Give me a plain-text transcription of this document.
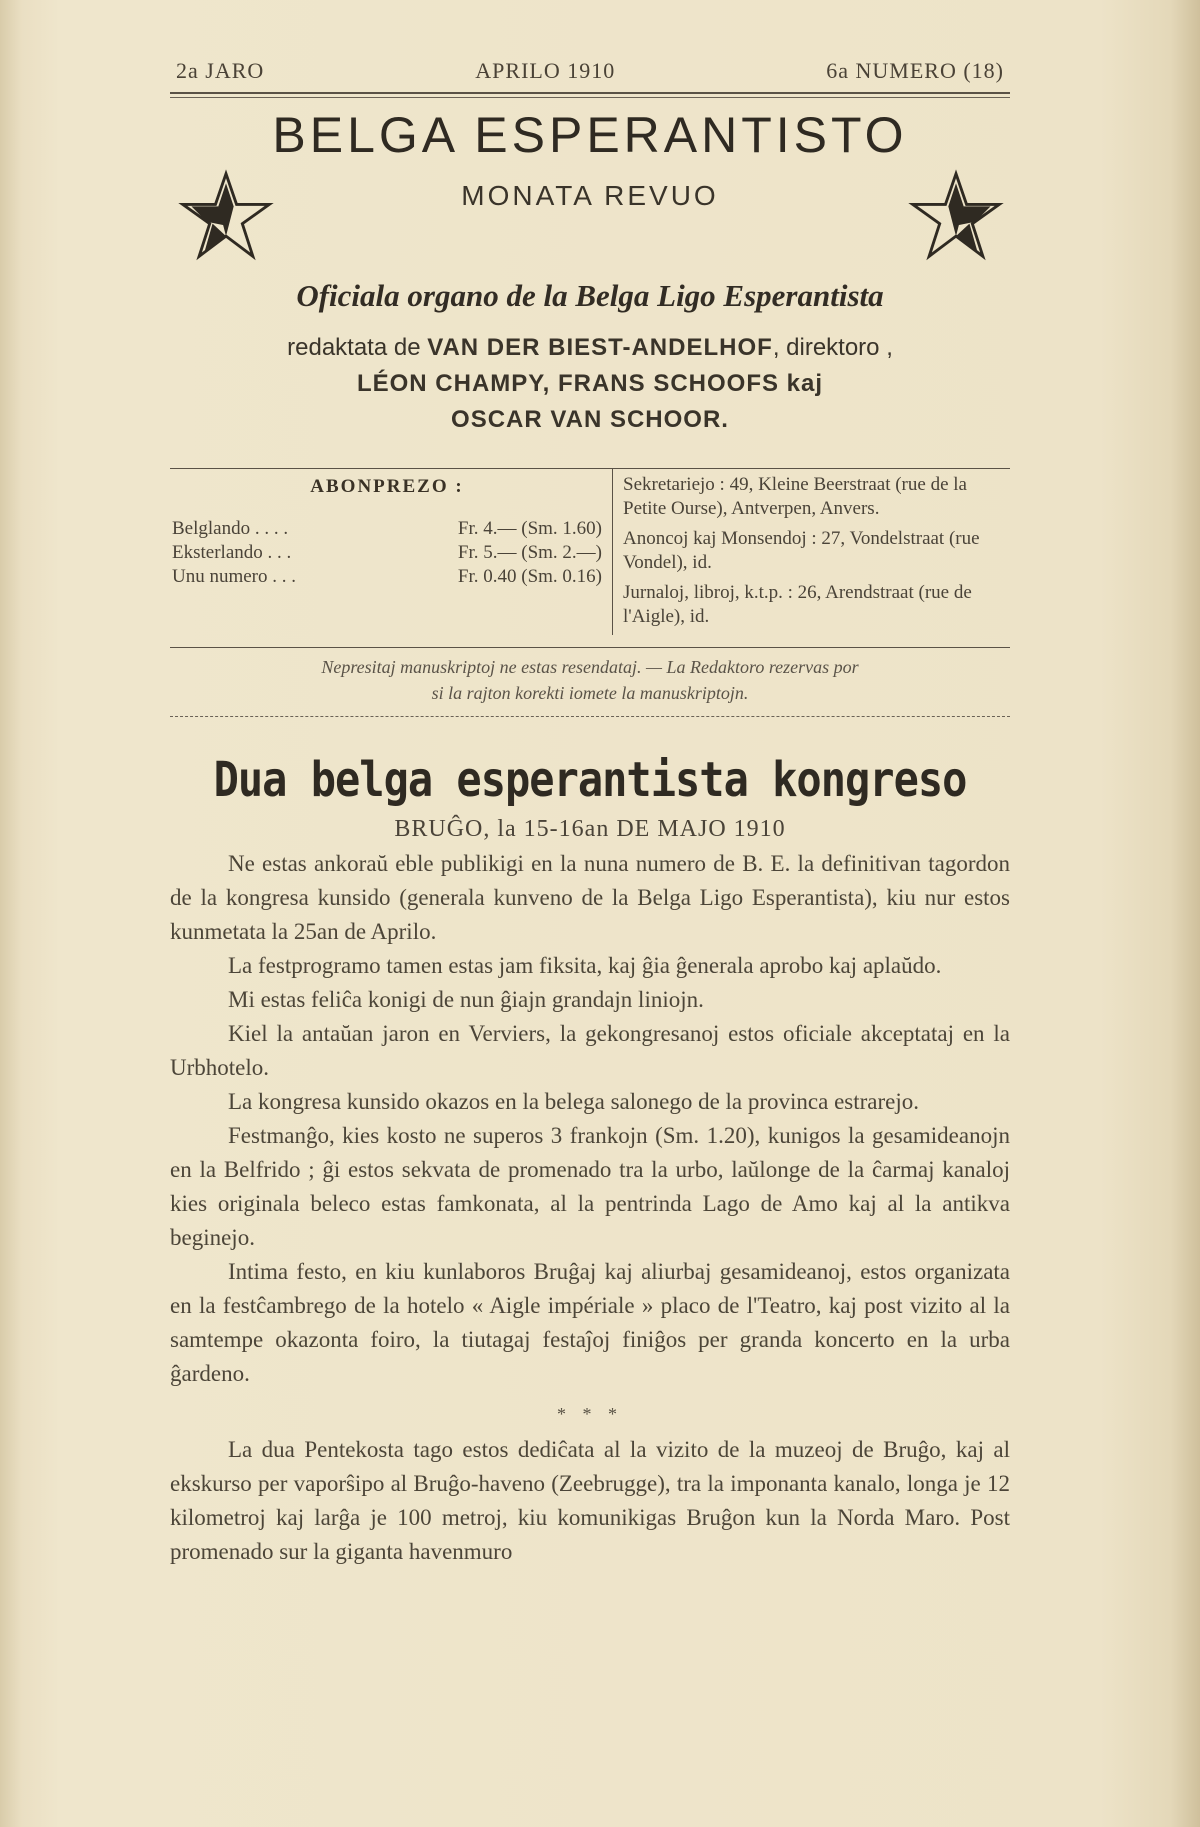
2a JARO	APRILO 1910	6a NUMERO (18)
BELGA ESPERANTISTO
MONATA REVUO
Oficiala organo de la Belga Ligo Esperantista
redaktata de VAN DER BIEST-ANDELHOF, direktoro ,
LÉON CHAMPY, FRANS SCHOOFS kaj
OSCAR VAN SCHOOR.
ABONPREZO :
Belglando . . . .	Fr. 4.— (Sm. 1.60)
Eksterlando . . .	Fr. 5.— (Sm. 2.—)
Unu numero . . .	Fr. 0.40 (Sm. 0.16)

Sekretariejo : 49, Kleine Beerstraat (rue de la Petite Ourse), Antverpen, Anvers.

Anoncoj kaj Monsendoj : 27, Vondelstraat (rue Vondel), id.

Jurnaloj, libroj, k.t.p. : 26, Arendstraat (rue de l'Aigle), id.

Nepresitaj manuskriptoj ne estas resendataj. — La Redaktoro rezervas por
si la rajton korekti iomete la manuskriptojn.
Dua belga esperantista kongreso
BRUĜO, la 15-16an DE MAJO 1910

Ne estas ankoraŭ eble publikigi en la nuna numero de B. E. la definitivan tagordon de la kongresa kunsido (generala kunveno de la Belga Ligo Esperantista), kiu nur estos kunmetata la 25an de Aprilo.

La festprogramo tamen estas jam fiksita, kaj ĝia ĝenerala aprobo kaj aplaŭdo.

Mi estas feliĉa konigi de nun ĝiajn grandajn liniojn.

Kiel la antaŭan jaron en Verviers, la gekongresanoj estos oficiale akceptataj en la Urbhotelo.

La kongresa kunsido okazos en la belega salonego de la provinca estrarejo.

Festmanĝo, kies kosto ne superos 3 frankojn (Sm. 1.20), kunigos la gesamideanojn en la Belfrido ; ĝi estos sekvata de promenado tra la urbo, laŭlonge de la ĉarmaj kanaloj kies originala beleco estas famkonata, al la pentrinda Lago de Amo kaj al la antikva beginejo.

Intima festo, en kiu kunlaboros Bruĝaj kaj aliurbaj gesamideanoj, estos organizata en la festĉambrego de la hotelo « Aigle impériale » placo de l'Teatro, kaj post vizito al la samtempe okazonta foiro, la tiutagaj festaĵoj finiĝos per granda koncerto en la urba ĝardeno.

* * *

La dua Pentekosta tago estos dediĉata al la vizito de la muzeoj de Bruĝo, kaj al ekskurso per vaporŝipo al Bruĝo-haveno (Zeebrugge), tra la imponanta kanalo, longa je 12 kilometroj kaj larĝa je 100 metroj, kiu komunikigas Bruĝon kun la Norda Maro. Post promenado sur la giganta havenmuro
